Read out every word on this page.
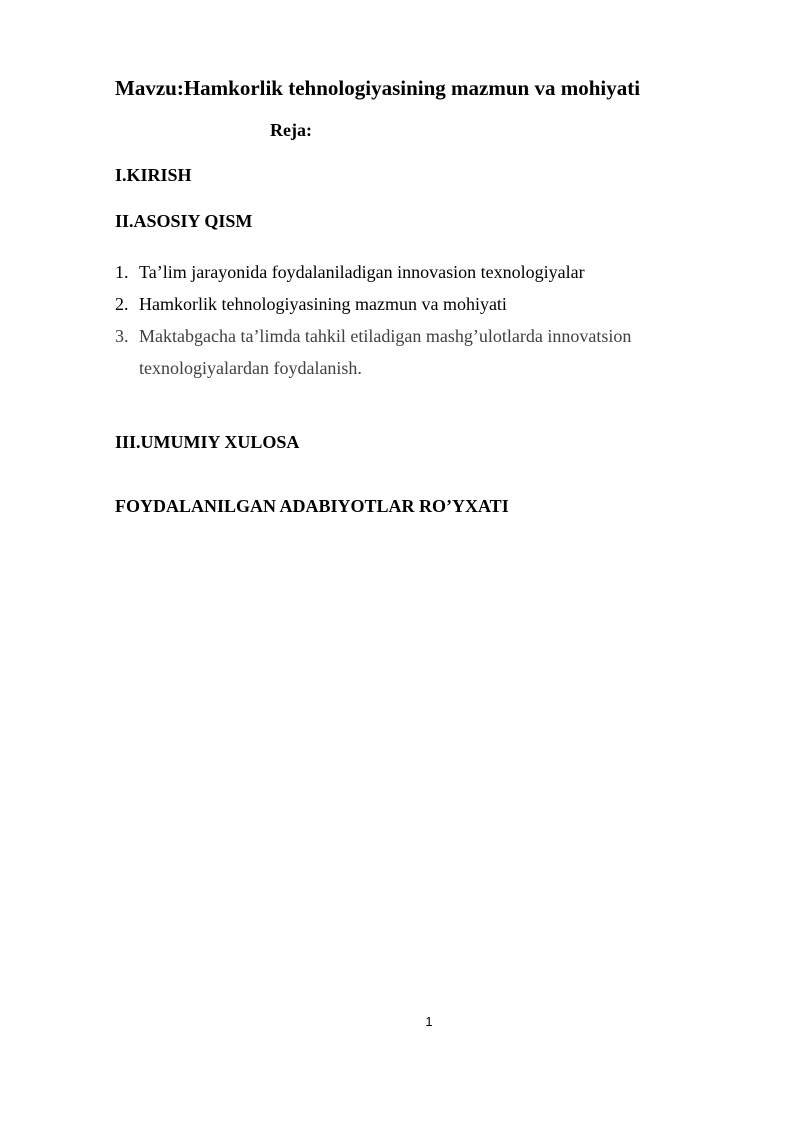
Mavzu:Hamkorlik tehnologiyasining mazmun va mohiyati
Reja:
I.KIRISH
II.ASOSIY QISM
1. Ta’lim jarayonida foydalaniladigan innovasion texnologiyalar
2. Hamkorlik tehnologiyasining mazmun va mohiyati
3. Maktabgacha ta’limda tahkil etiladigan mashg’ulotlarda innovatsion texnologiyalardan foydalanish.
III.UMUMIY XULOSA
FOYDALANILGAN ADABIYOTLAR RO’YXATI
1
